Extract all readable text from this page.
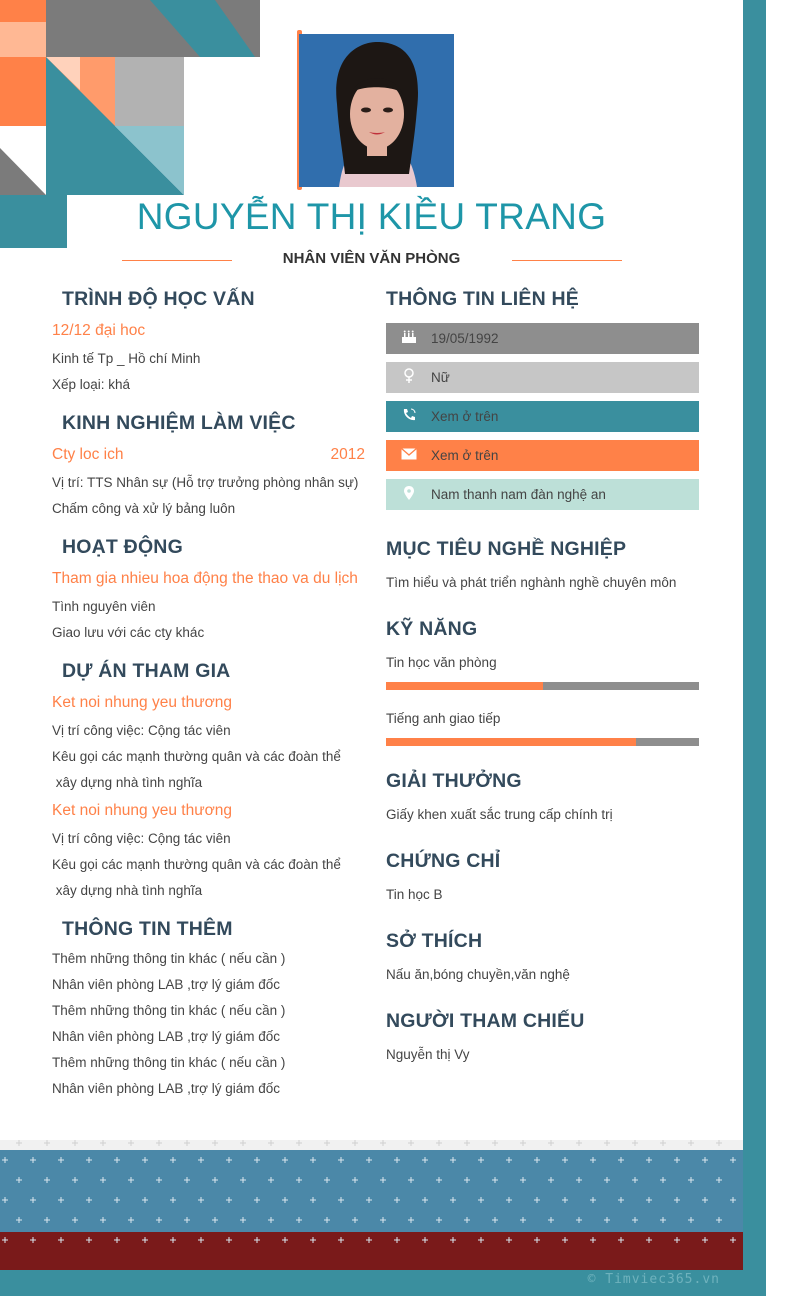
NGUYỄN THỊ KIỀU TRANG
NHÂN VIÊN VĂN PHÒNG
TRÌNH ĐỘ HỌC VẤN
12/12 đại hoc
Kinh tế Tp _ Hồ chí Minh
Xếp loại: khá
KINH NGHIỆM LÀM VIỆC
Cty loc ich	2012
Vị trí: TTS Nhân sự (Hỗ trợ trưởng phòng nhân sự)
Chấm công và xử lý bảng luôn
HOẠT ĐỘNG
Tham gia nhieu hoa động the thao va du lịch
Tình nguyên viên
Giao lưu với các cty khác
DỰ ÁN THAM GIA
Ket noi nhung yeu thương
Vị trí công việc: Cộng tác viên
Kêu gọi các mạnh thường quân và các đoàn thể
xây dựng nhà tình nghĩa
Ket noi nhung yeu thương
Vị trí công việc: Cộng tác viên
Kêu gọi các mạnh thường quân và các đoàn thể
xây dựng nhà tình nghĩa
THÔNG TIN THÊM
Thêm những thông tin khác ( nếu cần )
Nhân viên phòng LAB ,trợ lý giám đốc
Thêm những thông tin khác ( nếu cần )
Nhân viên phòng LAB ,trợ lý giám đốc
Thêm những thông tin khác ( nếu cần )
Nhân viên phòng LAB ,trợ lý giám đốc
THÔNG TIN LIÊN HỆ
19/05/1992
Nữ
Xem ở trên
Xem ở trên
Nam thanh nam đàn nghệ an
MỤC TIÊU NGHỀ NGHIỆP
Tìm hiểu và phát triển nghành nghề chuyên môn
KỸ NĂNG
Tin học văn phòng
Tiếng anh giao tiếp
GIẢI THƯỞNG
Giấy khen xuất sắc trung cấp chính trị
CHỨNG CHỈ
Tin học B
SỞ THÍCH
Nấu ăn,bóng chuyền,văn nghệ
NGƯỜI THAM CHIẾU
Nguyễn thị Vy
© Timviec365.vn
